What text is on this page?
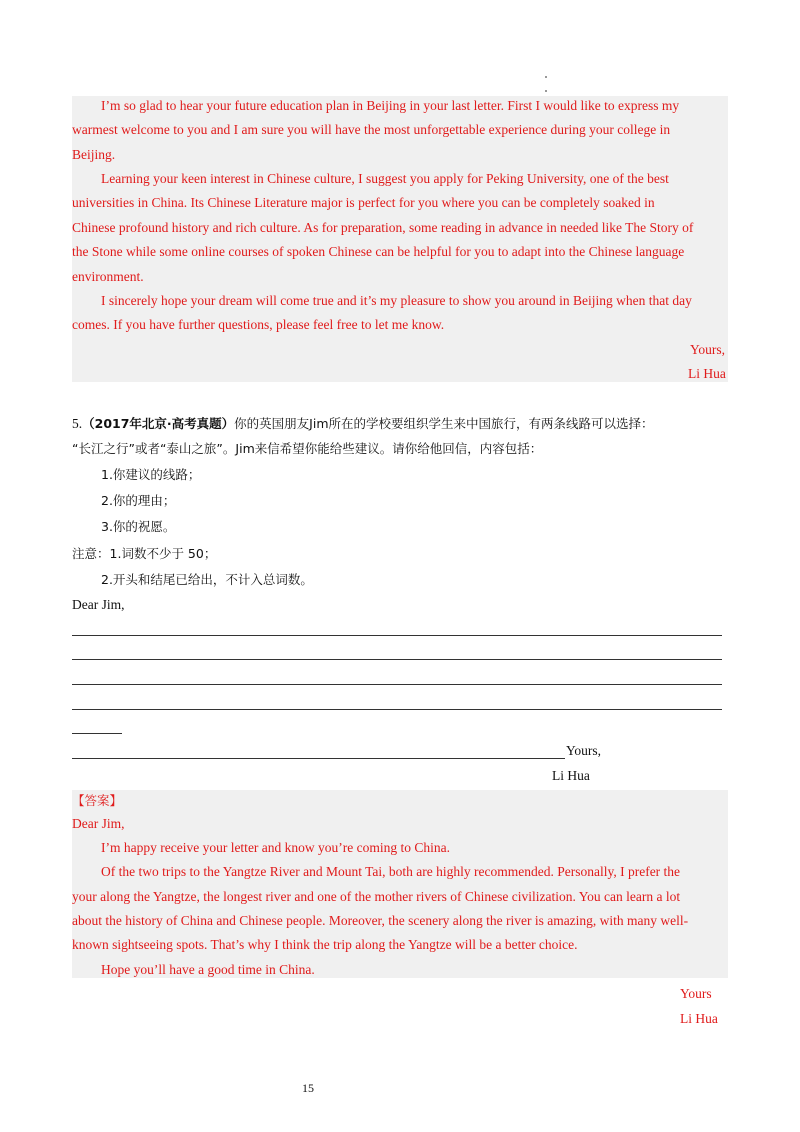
I’m so glad to hear your future education plan in Beijing in your last letter. First I would like to express my
warmest welcome to you and I am sure you will have the most unforgettable experience during your college in
Beijing.
Learning your keen interest in Chinese culture, I suggest you apply for Peking University, one of the best
universities in China. Its Chinese Literature major is perfect for you where you can be completely soaked in
Chinese profound history and rich culture. As for preparation, some reading in advance in needed like The Story of
the Stone while some online courses of spoken Chinese can be helpful for you to adapt into the Chinese language
environment.
I sincerely hope your dream will come true and it’s my pleasure to show you around in Beijing when that day
comes. If you have further questions, please feel free to let me know.
Yours,
Li Hua
5.（2017年北京·高考真题）你的英国朋友Jim所在的学校要组织学生来中国旅行，有两条线路可以选择：
“长江之行”或者“泰山之旅”。Jim来信希望你能给些建议。请你给他回信，内容包括：
1.你建议的线路；
2.你的理由；
3.你的祝愿。
注意：1.词数不少于 50；
2.开头和结尾已给出，不计入总词数。
Dear Jim,
Yours,
Li Hua
【答案】
Dear Jim,
I’m happy receive your letter and know you’re coming to China.
Of the two trips to the Yangtze River and Mount Tai, both are highly recommended. Personally, I prefer the
your along the Yangtze, the longest river and one of the mother rivers of Chinese civilization. You can learn a lot
about the history of China and Chinese people. Moreover, the scenery along the river is amazing, with many well-
known sightseeing spots. That’s why I think the trip along the Yangtze will be a better choice.
Hope you’ll have a good time in China.
Yours
Li Hua
15
